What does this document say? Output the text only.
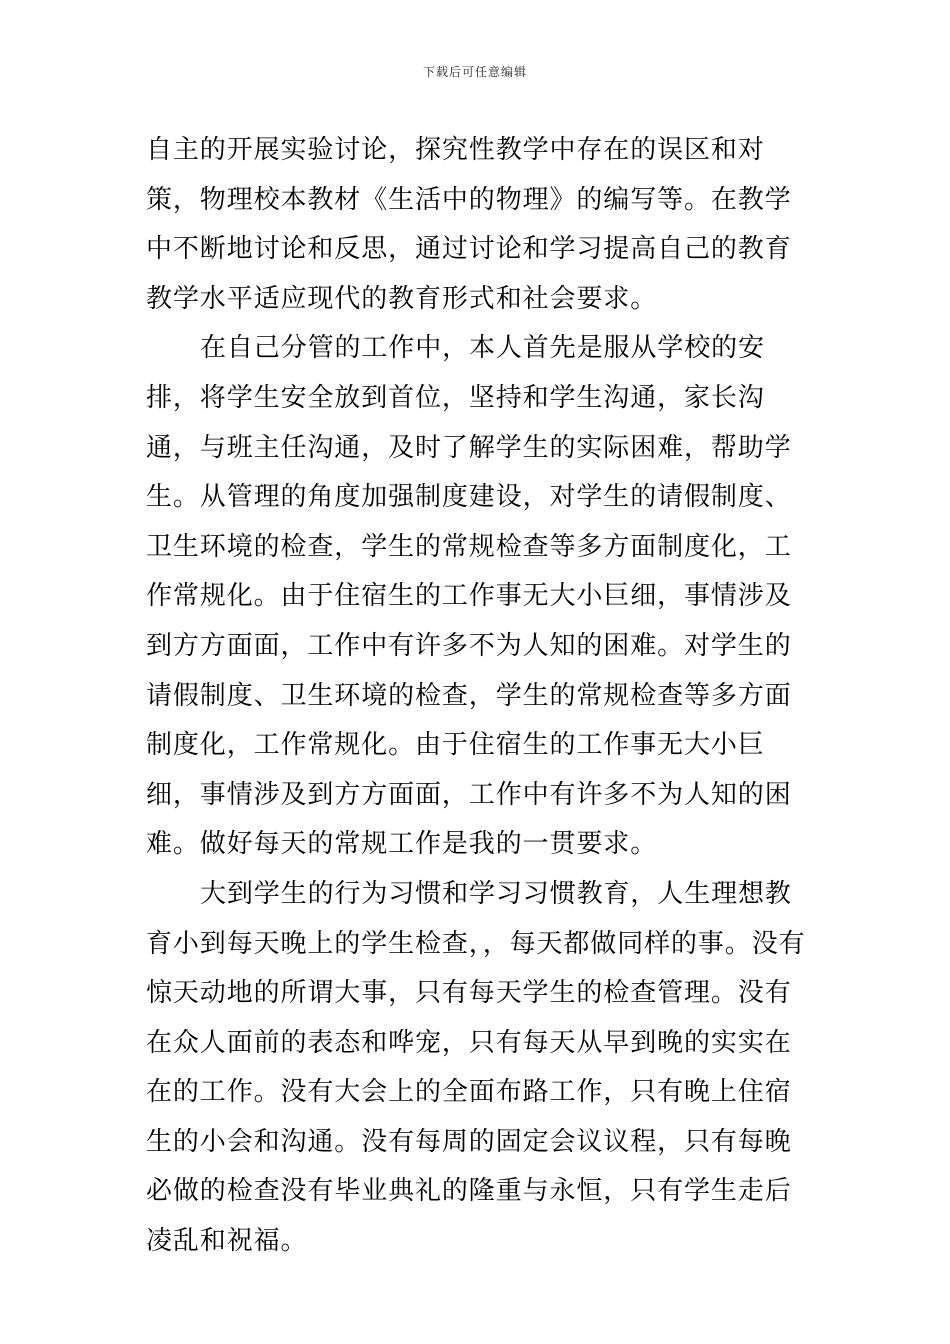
下载后可任意编辑

自主的开展实验讨论，探究性教学中存在的误区和对策，物理校本教材《生活中的物理》的编写等。在教学中不断地讨论和反思，通过讨论和学习提高自己的教育教学水平适应现代的教育形式和社会要求。

在自己分管的工作中，本人首先是服从学校的安排，将学生安全放到首位，坚持和学生沟通，家长沟通，与班主任沟通，及时了解学生的实际困难，帮助学生。从管理的角度加强制度建设，对学生的请假制度、卫生环境的检查，学生的常规检查等多方面制度化，工作常规化。由于住宿生的工作事无大小巨细，事情涉及到方方面面，工作中有许多不为人知的困难。对学生的请假制度、卫生环境的检查，学生的常规检查等多方面制度化，工作常规化。由于住宿生的工作事无大小巨细，事情涉及到方方面面，工作中有许多不为人知的困难。做好每天的常规工作是我的一贯要求。

大到学生的行为习惯和学习习惯教育，人生理想教育小到每天晚上的学生检查，，每天都做同样的事。没有惊天动地的所谓大事，只有每天学生的检查管理。没有在众人面前的表态和哗宠，只有每天从早到晚的实实在在的工作。没有大会上的全面布路工作，只有晚上住宿生的小会和沟通。没有每周的固定会议议程，只有每晚必做的检查没有毕业典礼的隆重与永恒，只有学生走后凌乱和祝福。
